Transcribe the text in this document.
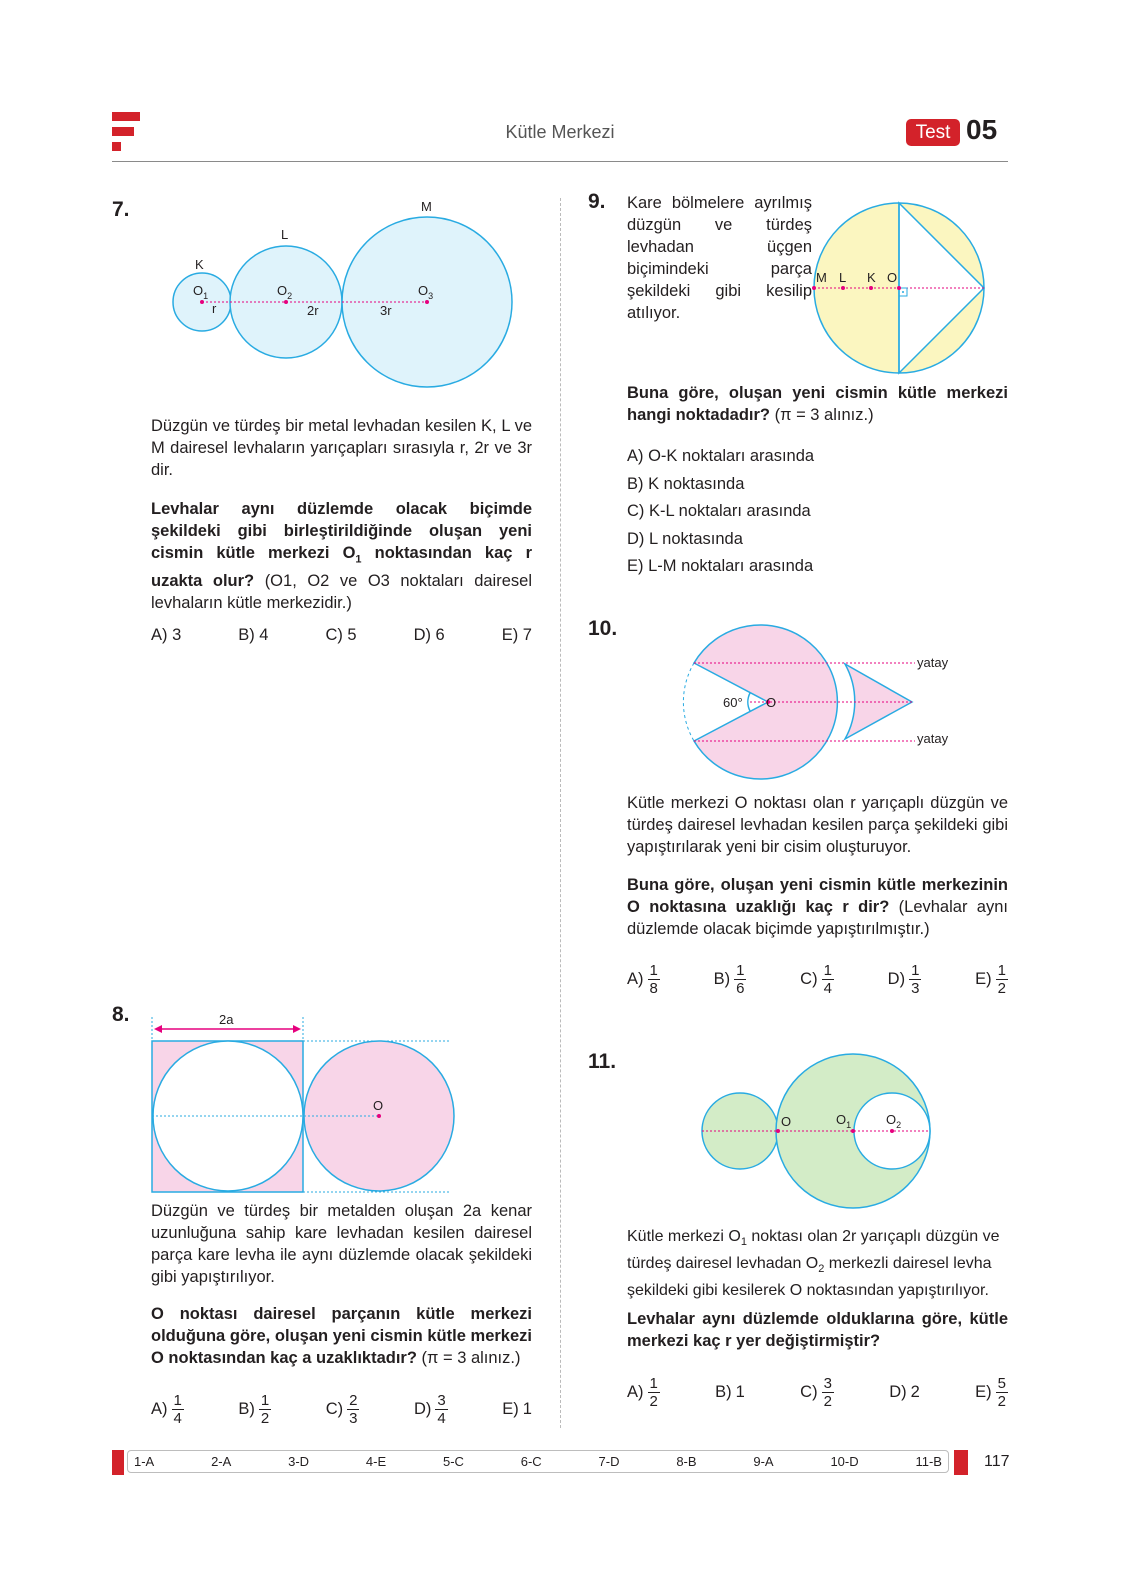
Kütle Merkezi	Test 05
7.
K
L
M
$O_1$	$O_2$	$O_3$
r	2r	3r
Düzgün ve türdeş bir metal levhadan kesilen K, L ve M dairesel levhaların yarıçapları sırasıyla r, 2r ve 3r dir.
Levhalar aynı düzlemde olacak biçimde şekildeki gibi birleştirildiğinde oluşan yeni cismin kütle merkezi $O_1$ noktasından kaç r uzakta olur? (O1, O2 ve O3 noktaları dairesel levhaların kütle merkezidir.)
A) 3	B) 4	C) 5	D) 6	E) 7
8.	2a
O
Düzgün ve türdeş bir metalden oluşan 2a kenar uzunluğuna sahip kare levhadan kesilen dairesel parça kare levha ile aynı düzlemde olacak şekildeki gibi yapıştırılıyor.
O noktası dairesel parçanın kütle merkezi olduğuna göre, oluşan yeni cismin kütle merkezi O noktasından kaç a uzaklıktadır? (π = 3 alınız.)
$A) \frac{1}{4}$	$B) \frac{1}{2}$	$C) \frac{2}{3}$	$D) \frac{3}{4}$	E) 1
9. Kare bölmelere ayrılmış düzgün ve türdeş levhadan üçgen biçimindeki parça şekildeki gibi kesilip atılıyor.
M L K O
Buna göre, oluşan yeni cismin kütle merkezi hangi noktadadır? (π = 3 alınız.)
A) O-K noktaları arasında
B) K noktasında
C) K-L noktaları arasında
D) L noktasında
E) L-M noktaları arasında
10.
60° O
yatay
yatay
Kütle merkezi O noktası olan r yarıçaplı düzgün ve türdeş dairesel levhadan kesilen parça şekildeki gibi yapıştırılarak yeni bir cisim oluşturuyor.
Buna göre, oluşan yeni cismin kütle merkezinin O noktasına uzaklığı kaç r dir? (Levhalar aynı düzlemde olacak biçimde yapıştırılmıştır.)
$A) \frac{1}{8}$	$B) \frac{1}{6}$	$C) \frac{1}{4}$	$D) \frac{1}{3}$	$E) \frac{1}{2}$
11.
O	$O_1$	$O_2$
Kütle merkezi $O_1$ noktası olan 2r yarıçaplı düzgün ve türdeş dairesel levhadan $O_2$ merkezli dairesel levha şekildeki gibi kesilerek O noktasından yapıştırılıyor.
Levhalar aynı düzlemde olduklarına göre, kütle merkezi kaç r yer değiştirmiştir?
$A) \frac{1}{2}$	B) 1	$C) \frac{3}{2}$	D) 2	$E) \frac{5}{2}$
1-A	2-A	3-D	4-E	5-C	6-C	7-D	8-B	9-A	10-D	11-B	117
